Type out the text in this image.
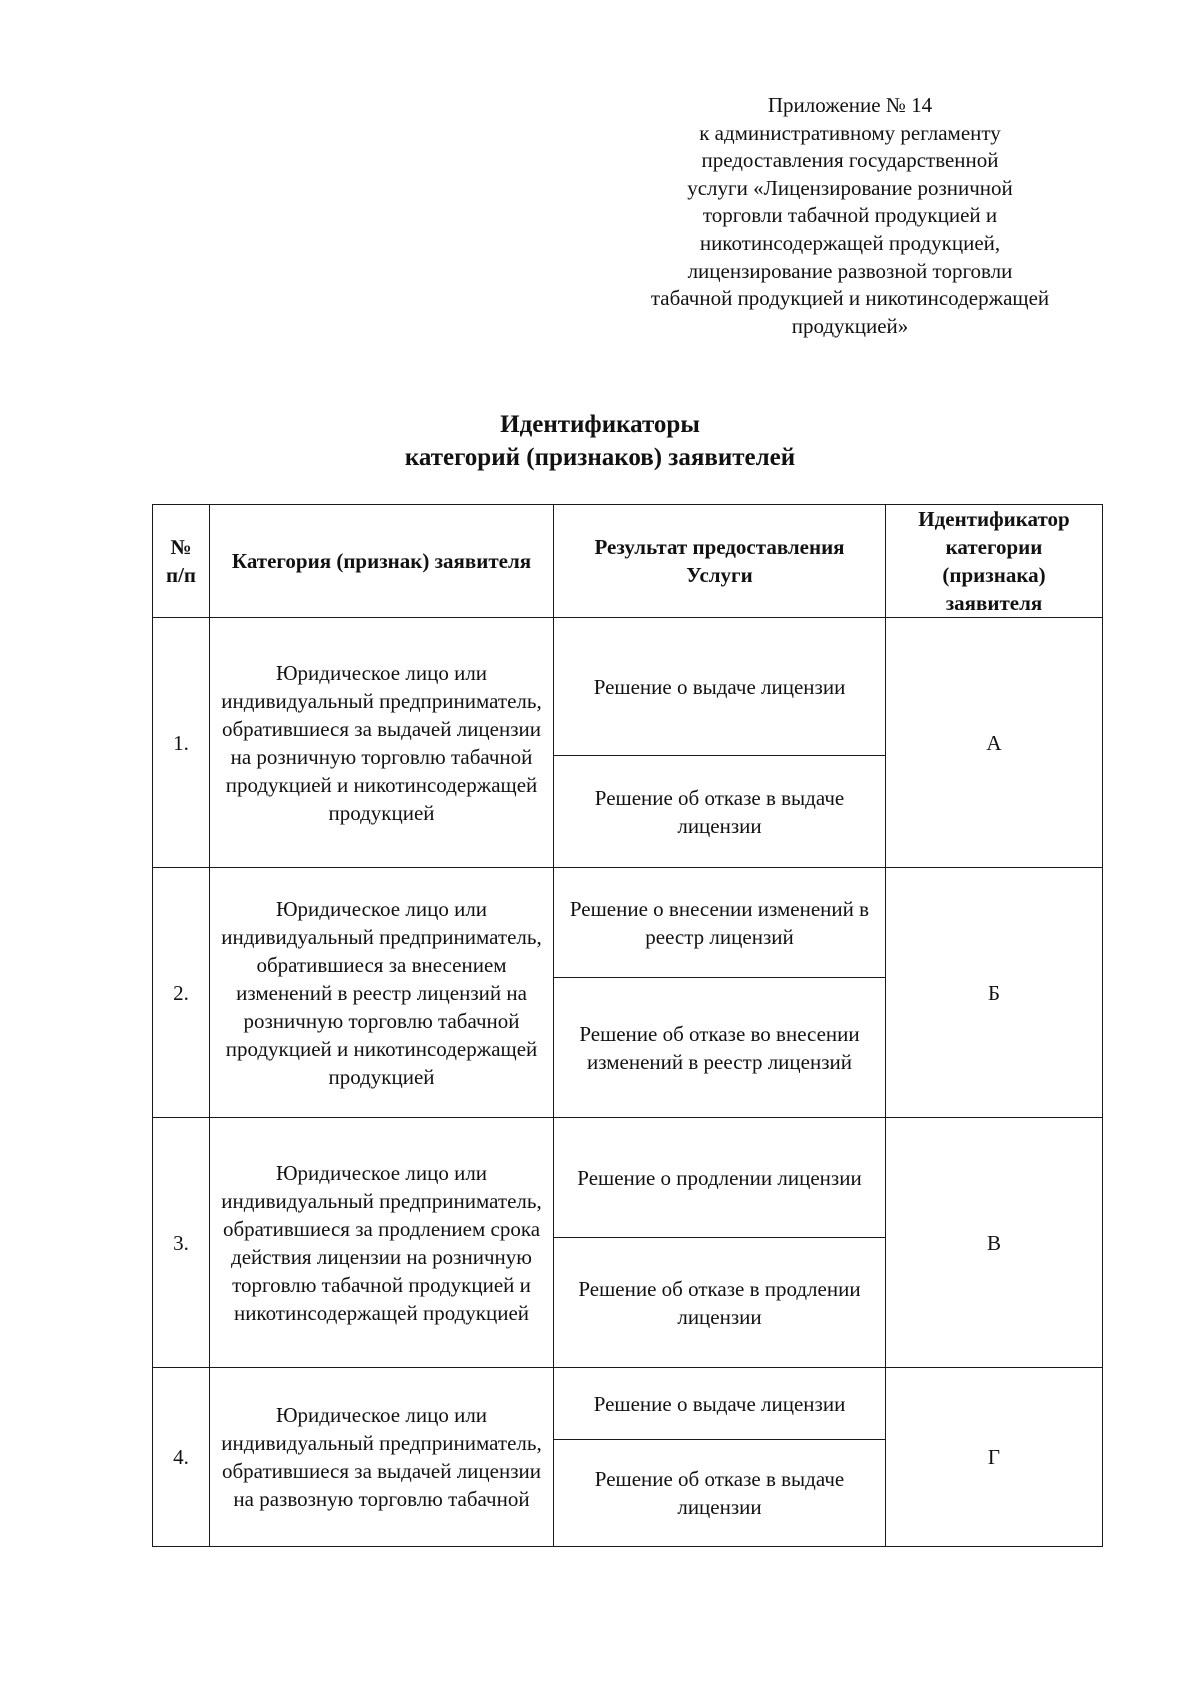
Приложение № 14
к административному регламенту
предоставления государственной
услуги «Лицензирование розничной
торговли табачной продукцией и
никотинсодержащей продукцией,
лицензирование развозной торговли
табачной продукцией и никотинсодержащей
продукцией»
Идентификаторы
категорий (признаков) заявителей
№ п/п	Категория (признак) заявителя	Результат предоставления Услуги	Идентификатор категории (признака) заявителя
1.	Юридическое лицо или индивидуальный предприниматель, обратившиеся за выдачей лицензии на розничную торговлю табачной продукцией и никотинсодержащей продукцией	Решение о выдаче лицензии	А
		Решение об отказе в выдаче лицензии	
2.	Юридическое лицо или индивидуальный предприниматель, обратившиеся за внесением изменений в реестр лицензий на розничную торговлю табачной продукцией и никотинсодержащей продукцией	Решение о внесении изменений в реестр лицензий	Б
		Решение об отказе во внесении изменений в реестр лицензий	
3.	Юридическое лицо или индивидуальный предприниматель, обратившиеся за продлением срока действия лицензии на розничную торговлю табачной продукцией и никотинсодержащей продукцией	Решение о продлении лицензии	В
		Решение об отказе в продлении лицензии	
4.	Юридическое лицо или индивидуальный предприниматель, обратившиеся за выдачей лицензии на развозную торговлю табачной	Решение о выдаче лицензии	Г
		Решение об отказе в выдаче лицензии	
